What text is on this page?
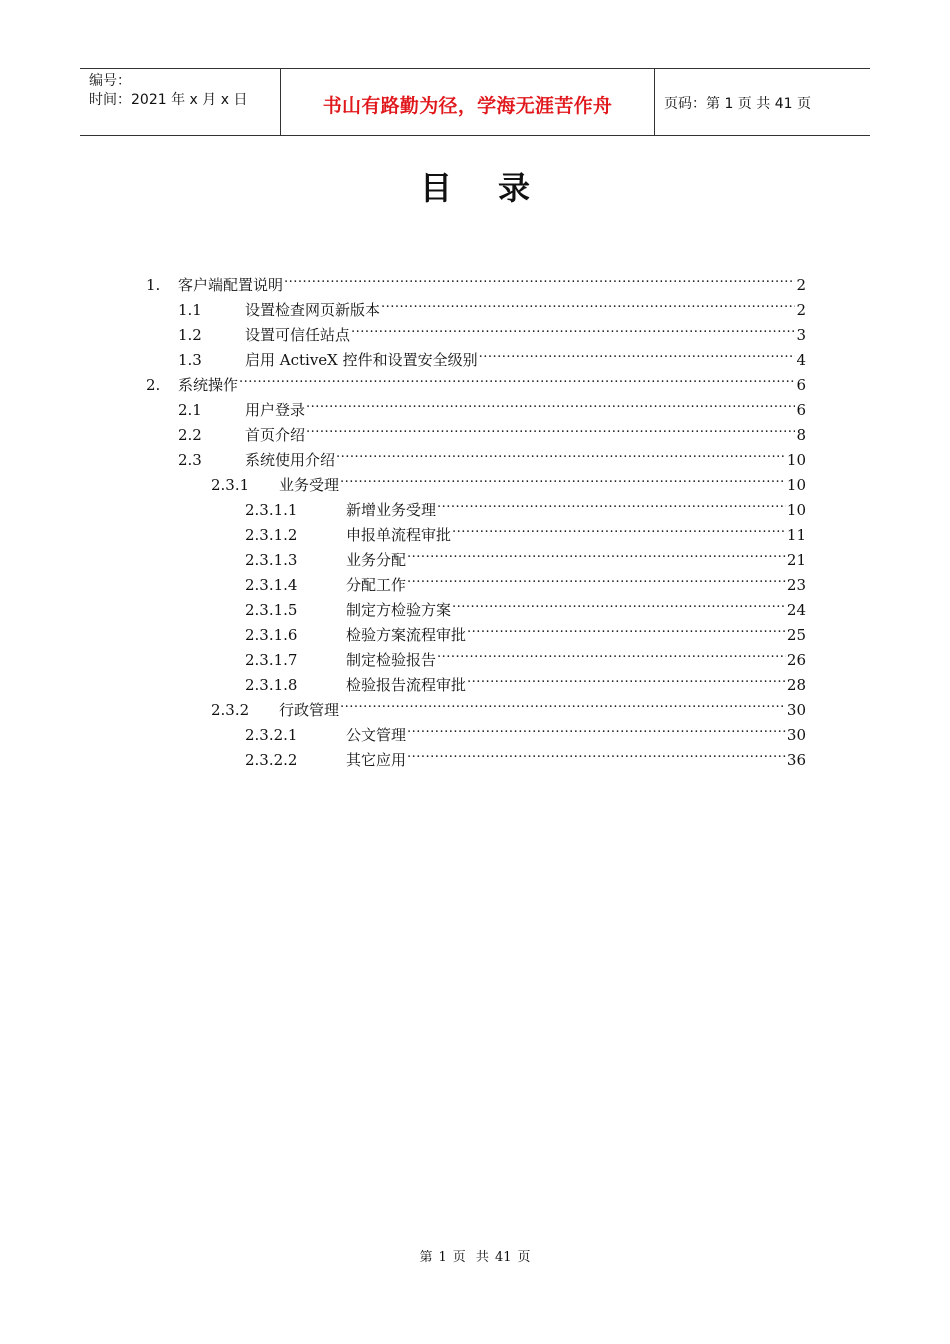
编号：
时间：2021 年 x 月 x 日	书山有路勤为径，学海无涯苦作舟	页码：第 1 页 共 41 页
目录
1.	客户端配置说明 .....	2
1.1	设置检查网页新版本 .....	2
1.2	设置可信任站点 .....	3
1.3	启用 ActiveX 控件和设置安全级别 .....	4
2.	系统操作 .....	6
2.1	用户登录 .....	6
2.2	首页介绍 .....	8
2.3	系统使用介绍 .....	10
2.3.1	业务受理 .....	10
2.3.1.1	新增业务受理 .....	10
2.3.1.2	申报单流程审批 .....	11
2.3.1.3	业务分配 .....	21
2.3.1.4	分配工作 .....	23
2.3.1.5	制定方检验方案 .....	24
2.3.1.6	检验方案流程审批 .....	25
2.3.1.7	制定检验报告 .....	26
2.3.1.8	检验报告流程审批 .....	28
2.3.2	行政管理 .....	30
2.3.2.1	公文管理 .....	30
2.3.2.2	其它应用 .....	36
第 1 页 共 41 页
